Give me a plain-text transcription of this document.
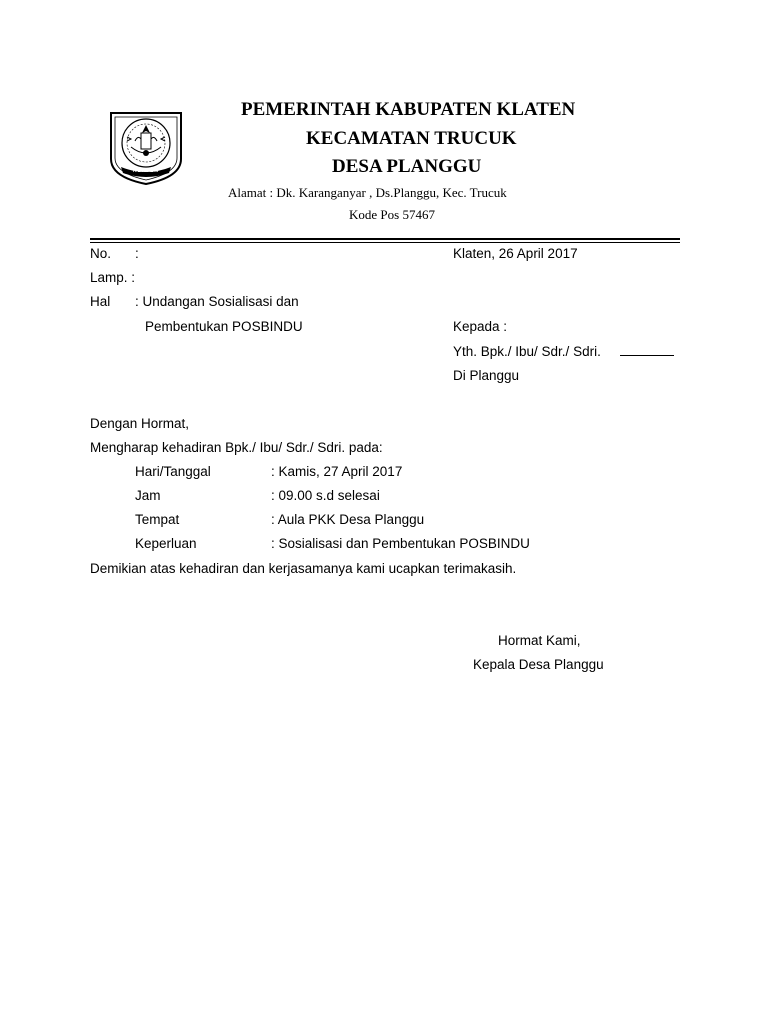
KLATEN
PEMERINTAH KABUPATEN KLATEN
KECAMATAN TRUCUK
DESA PLANGGU
Alamat : Dk. Karanganyar , Ds.Planggu, Kec. Trucuk
Kode Pos 57467
No. :
Lamp. :
Hal : Undangan Sosialisasi dan
Pembentukan POSBINDU
Klaten, 26 April 2017
Kepada :
Yth. Bpk./ Ibu/ Sdr./ Sdri.
Di Planggu
Dengan Hormat,
Mengharap kehadiran Bpk./ Ibu/ Sdr./ Sdri. pada:
Hari/Tanggal	: Kamis, 27 April 2017
Jam	: 09.00 s.d selesai
Tempat	: Aula PKK Desa Planggu
Keperluan	: Sosialisasi dan Pembentukan POSBINDU
Demikian atas kehadiran dan kerjasamanya kami ucapkan terimakasih.
Hormat Kami,
Kepala Desa Planggu
